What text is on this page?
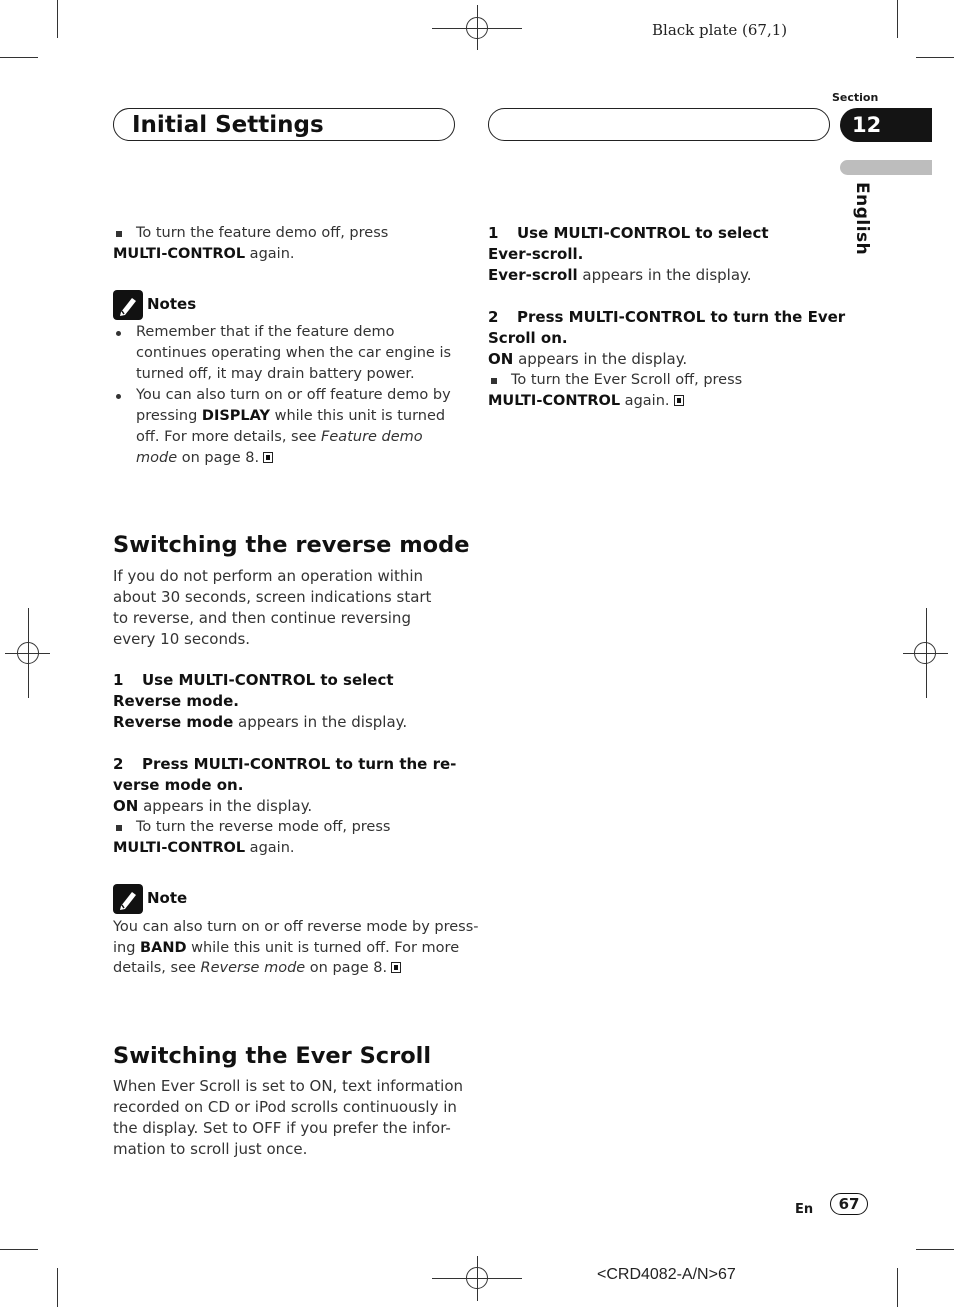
Black plate (67,1)
Initial Settings
Section
12
English
To turn the feature demo off, press
MULTI-CONTROL again.
Notes
Remember that if the feature demo continues operating when the car engine is turned off, it may drain battery power.
You can also turn on or off feature demo by pressing DISPLAY while this unit is turned off. For more details, see Feature demo mode on page 8.
Switching the reverse mode
If you do not perform an operation within about 30 seconds, screen indications start to reverse, and then continue reversing every 10 seconds.
1 Use MULTI-CONTROL to select
Reverse mode.
Reverse mode appears in the display.
2 Press MULTI-CONTROL to turn the re-
verse mode on.
ON appears in the display.
To turn the reverse mode off, press
MULTI-CONTROL again.
Note
You can also turn on or off reverse mode by press-
ing BAND while this unit is turned off. For more
details, see Reverse mode on page 8.
Switching the Ever Scroll
When Ever Scroll is set to ON, text information
recorded on CD or iPod scrolls continuously in
the display. Set to OFF if you prefer the infor-
mation to scroll just once.
1 Use MULTI-CONTROL to select
Ever-scroll.
Ever-scroll appears in the display.
2 Press MULTI-CONTROL to turn the Ever
Scroll on.
ON appears in the display.
To turn the Ever Scroll off, press
MULTI-CONTROL again.
En	67
<CRD4082-A/N>67
